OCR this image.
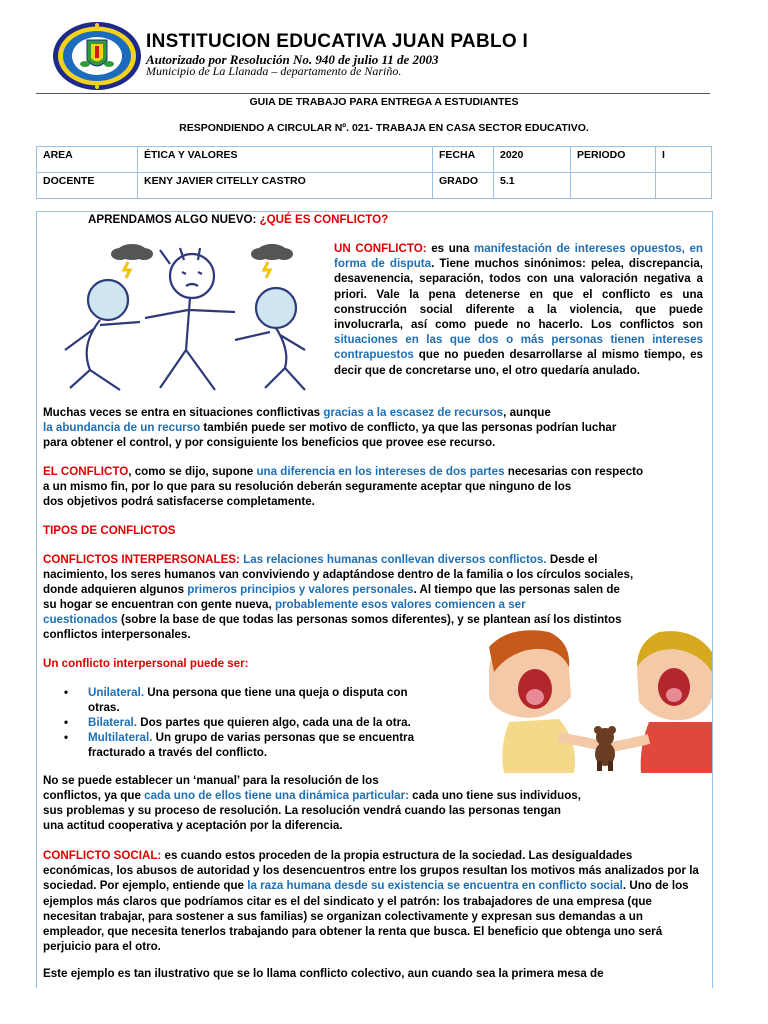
INSTITUCION EDUCATIVA JUAN PABLO I
Autorizado por Resolución No. 940 de julio 11 de 2003
Municipio de La Llanada – departamento de Nariño.
GUIA DE TRABAJO PARA ENTREGA A ESTUDIANTES
RESPONDIENDO A CIRCULAR Nº. 021- TRABAJA EN CASA SECTOR EDUCATIVO.
AREA	ÉTICA Y VALORES	FECHA	2020	PERIODO	I
DOCENTE	KENY JAVIER CITELLY CASTRO	GRADO	5.1		
APRENDAMOS ALGO NUEVO: ¿QUÉ ES CONFLICTO?
UN CONFLICTO: es una manifestación de intereses opuestos, en forma de disputa. Tiene muchos sinónimos: pelea, discrepancia, desavenencia, separación, todos con una valoración negativa a priori. Vale la pena detenerse en que el conflicto es una construcción social diferente a la violencia, que puede involucrarla, así como puede no hacerlo. Los conflictos son situaciones en las que dos o más personas tienen intereses contrapuestos que no pueden desarrollarse al mismo tiempo, es decir que de concretarse uno, el otro quedaría anulado.
Muchas veces se entra en situaciones conflictivas gracias a la escasez de recursos, aunque
la abundancia de un recurso también puede ser motivo de conflicto, ya que las personas podrían luchar
para obtener el control, y por consiguiente los beneficios que provee ese recurso.
EL CONFLICTO, como se dijo, supone una diferencia en los intereses de dos partes necesarias con respecto
a un mismo fin, por lo que para su resolución deberán seguramente aceptar que ninguno de los
dos objetivos podrá satisfacerse completamente.
TIPOS DE CONFLICTOS
CONFLICTOS INTERPERSONALES: Las relaciones humanas conllevan diversos conflictos. Desde el
nacimiento, los seres humanos van conviviendo y adaptándose dentro de la familia o los círculos sociales,
donde adquieren algunos primeros principios y valores personales. Al tiempo que las personas salen de
su hogar se encuentran con gente nueva, probablemente esos valores comiencen a ser
cuestionados (sobre la base de que todas las personas somos diferentes), y se plantean así los distintos
conflictos interpersonales.
Un conflicto interpersonal puede ser:
• Unilateral. Una persona que tiene una queja o disputa con
otras.
• Bilateral. Dos partes que quieren algo, cada una de la otra.
• Multilateral. Un grupo de varias personas que se encuentra
fracturado a través del conflicto.
No se puede establecer un ‘manual’ para la resolución de los
conflictos, ya que cada uno de ellos tiene una dinámica particular: cada uno tiene sus individuos,
sus problemas y su proceso de resolución. La resolución vendrá cuando las personas tengan
una actitud cooperativa y aceptación por la diferencia.
CONFLICTO SOCIAL: es cuando estos proceden de la propia estructura de la sociedad. Las desigualdades económicas, los abusos de autoridad y los desencuentros entre los grupos resultan los motivos más analizados por la sociedad. Por ejemplo, entiende que la raza humana desde su existencia se encuentra en conflicto social. Uno de los ejemplos más claros que podríamos citar es el del sindicato y el patrón: los trabajadores de una empresa (que necesitan trabajar, para sostener a sus familias) se organizan colectivamente y expresan sus demandas a un empleador, que necesita tenerlos trabajando para obtener la renta que busca. El beneficio que obtenga uno será perjuicio para el otro.
Este ejemplo es tan ilustrativo que se lo llama conflicto colectivo, aun cuando sea la primera mesa de
